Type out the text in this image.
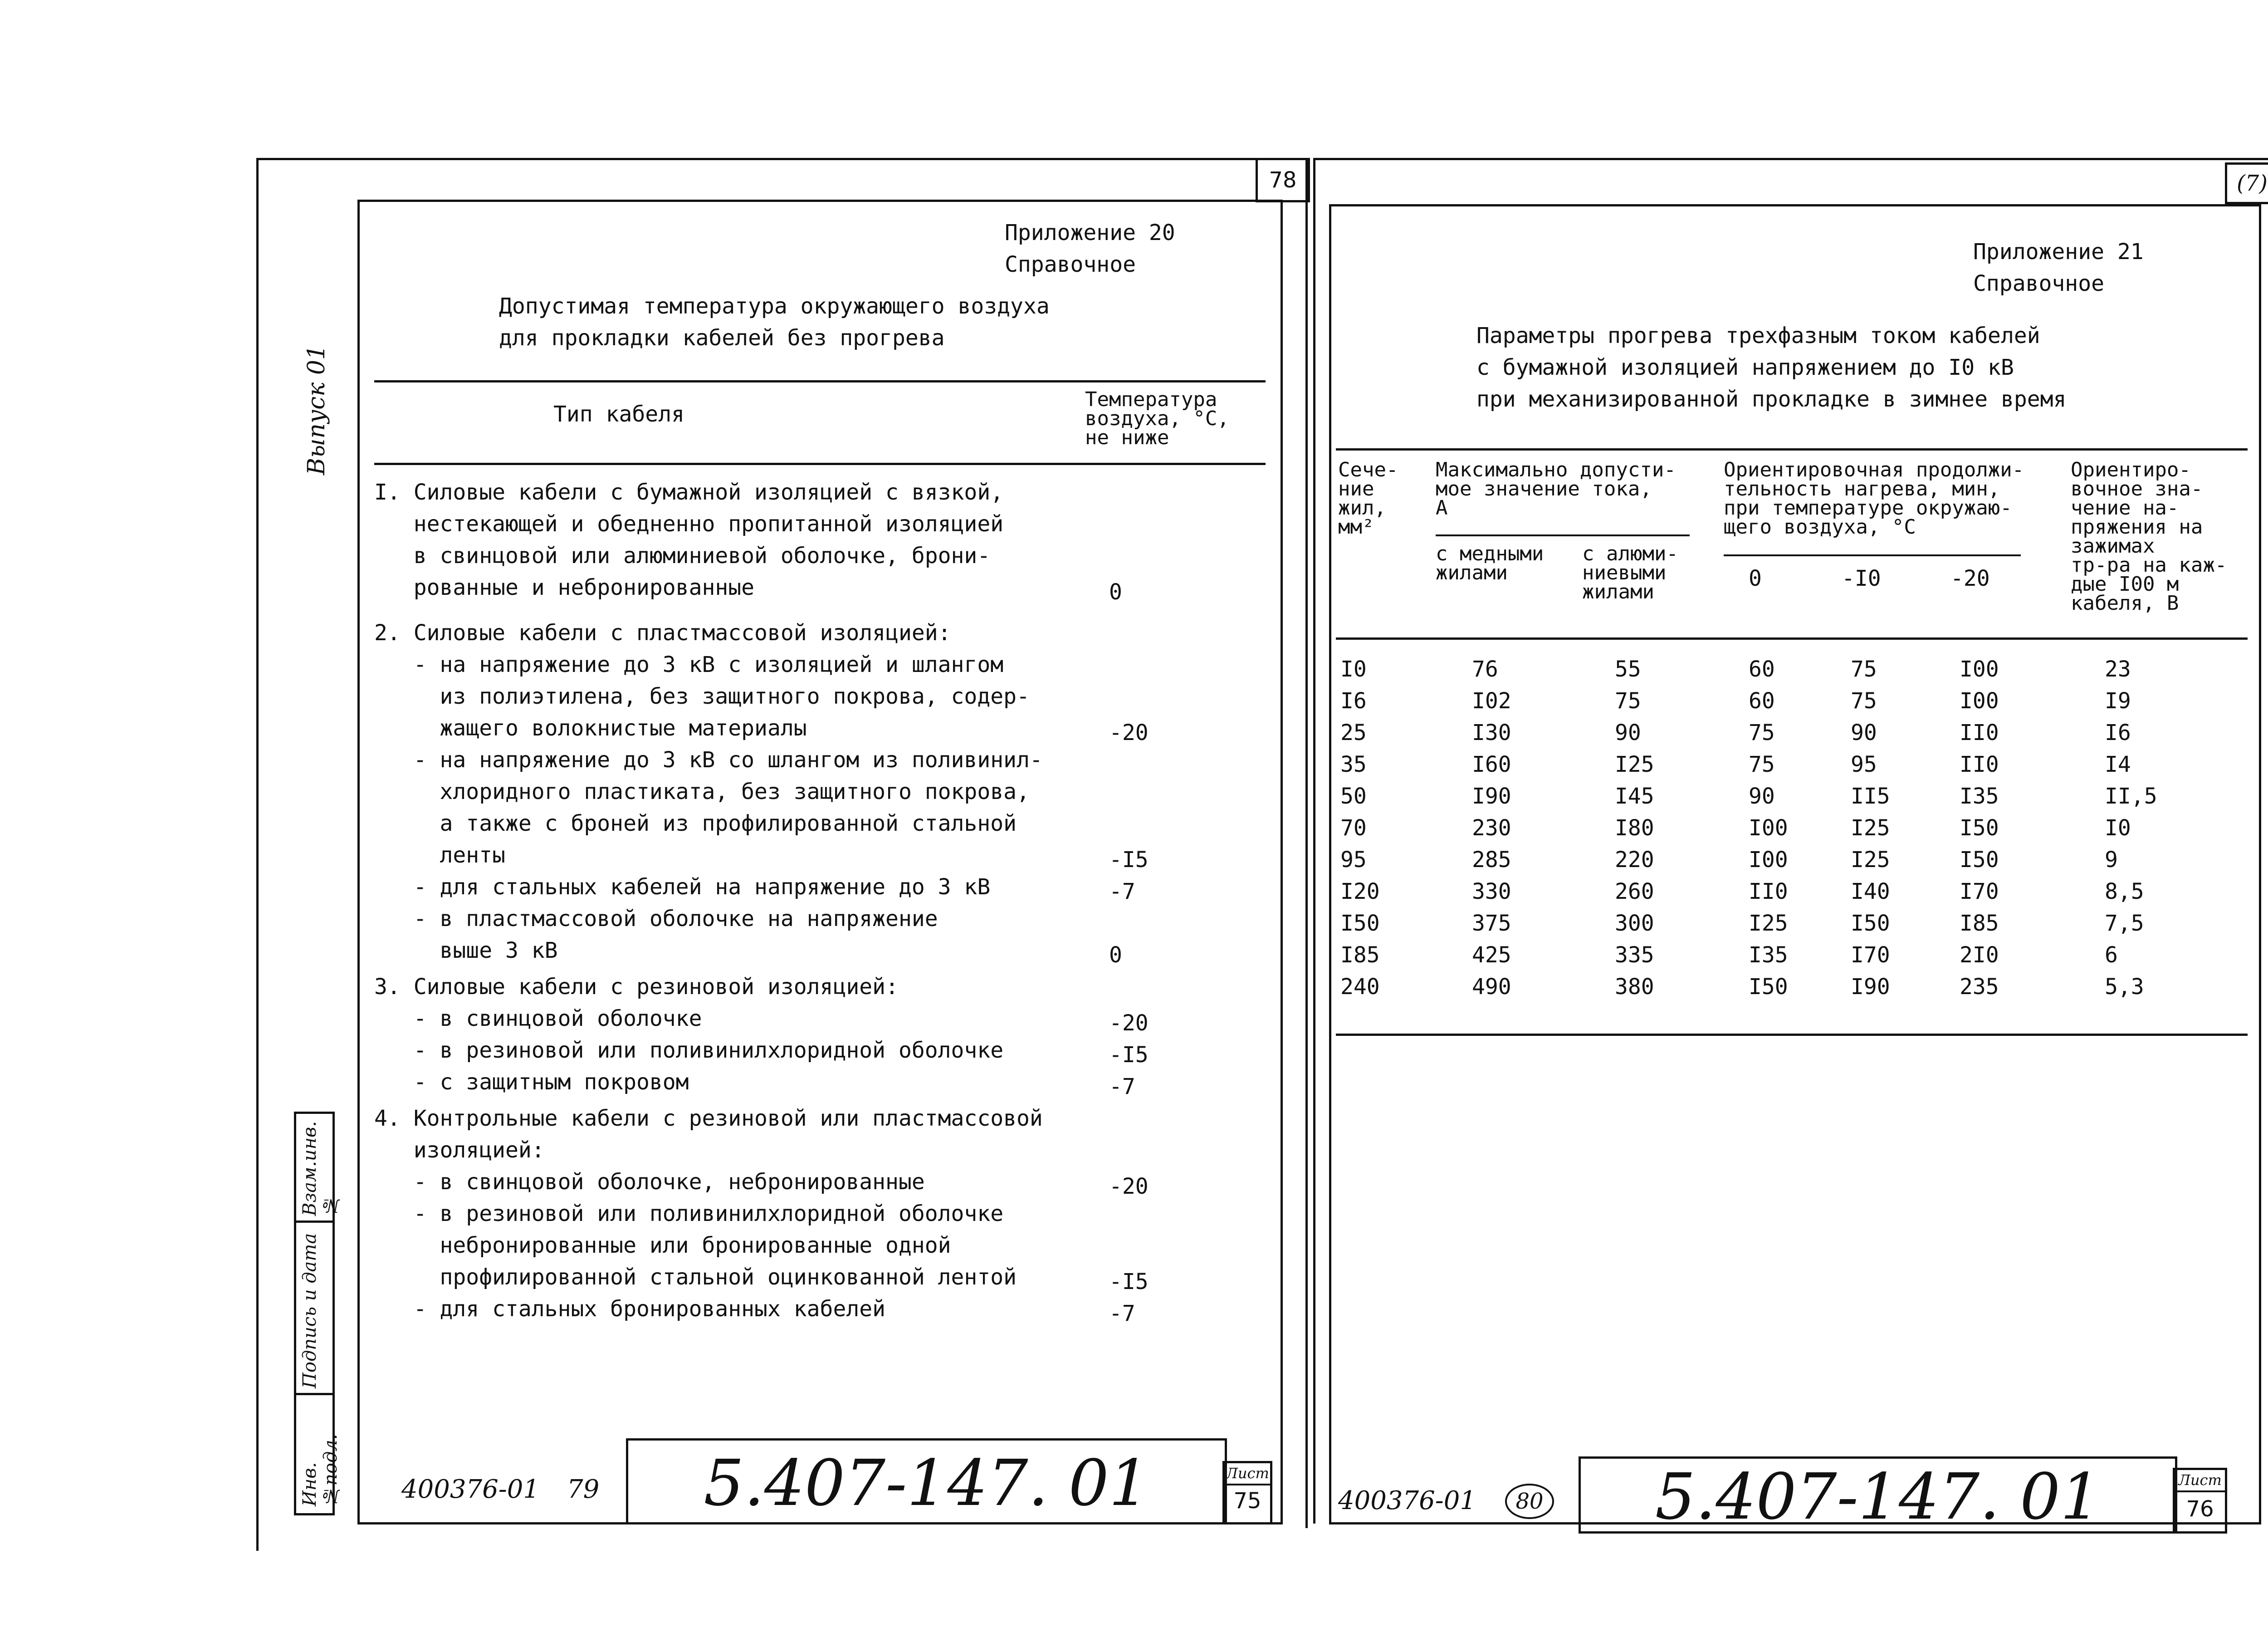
78
Выпуск 01
Взам.инв.№
Подпись и дата
Инв.№подл.
Приложение 20
Справочное
Допустимая температура окружающего воздуха
для прокладки кабелей без прогрева
Тип кабеля
Температура
воздуха, °C,
не ниже
I. Силовые кабели с бумажной изоляцией с вязкой,
нестекающей и обедненно пропитанной изоляцией
в свинцовой или алюминиевой оболочке, брони-
рованные и небронированные	0
2. Силовые кабели с пластмассовой изоляцией:
- на напряжение до 3 кВ с изоляцией и шлангом
из полиэтилена, без защитного покрова, содер-
жащего волокнистые материалы	-20
- на напряжение до 3 кВ со шлангом из поливинил-
хлоридного пластиката, без защитного покрова,
а также с броней из профилированной стальной
ленты	-I5
- для стальных кабелей на напряжение до 3 кВ	-7
- в пластмассовой оболочке на напряжение
выше 3 кВ	0
3. Силовые кабели с резиновой изоляцией:
- в свинцовой оболочке	-20
- в резиновой или поливинилхлоридной оболочке	-I5
- с защитным покровом	-7
4. Контрольные кабели с резиновой или пластмассовой
изоляцией:
- в свинцовой оболочке, небронированные	-20
- в резиновой или поливинилхлоридной оболочке
небронированные или бронированные одной
профилированной стальной оцинкованной лентой	-I5
- для стальных бронированных кабелей	-7
400376-01 79	5.407-147. 01	Лист
75
(7)
Приложение 21
Справочное
Параметры прогрева трехфазным током кабелей
с бумажной изоляцией напряжением до I0 кВ
при механизированной прокладке в зимнее время
Сече-
ние
жил,
мм²
Максимально допусти-
мое значение тока,
А
с медными
жилами
с алюми-
ниевыми
жилами
Ориентировочная продолжи-
тельность нагрева, мин,
при температуре окружаю-
щего воздуха, °C
0	-I0	-20
Ориентиро-
вочное зна-
чение на-
пряжения на
зажимах
тр-ра на каж-
дые I00 м
кабеля, В
I0	76	55	60	75	I00	23
I6	I02	75	60	75	I00	I9
25	I30	90	75	90	II0	I6
35	I60	I25	75	95	II0	I4
50	I90	I45	90	II5	I35	II,5
70	230	I80	I00	I25	I50	I0
95	285	220	I00	I25	I50	9
I20	330	260	II0	I40	I70	8,5
I50	375	300	I25	I50	I85	7,5
I85	425	335	I35	I70	2I0	6
240	490	380	I50	I90	235	5,3
400376-01	80	5.407-147. 01	Лист
76
